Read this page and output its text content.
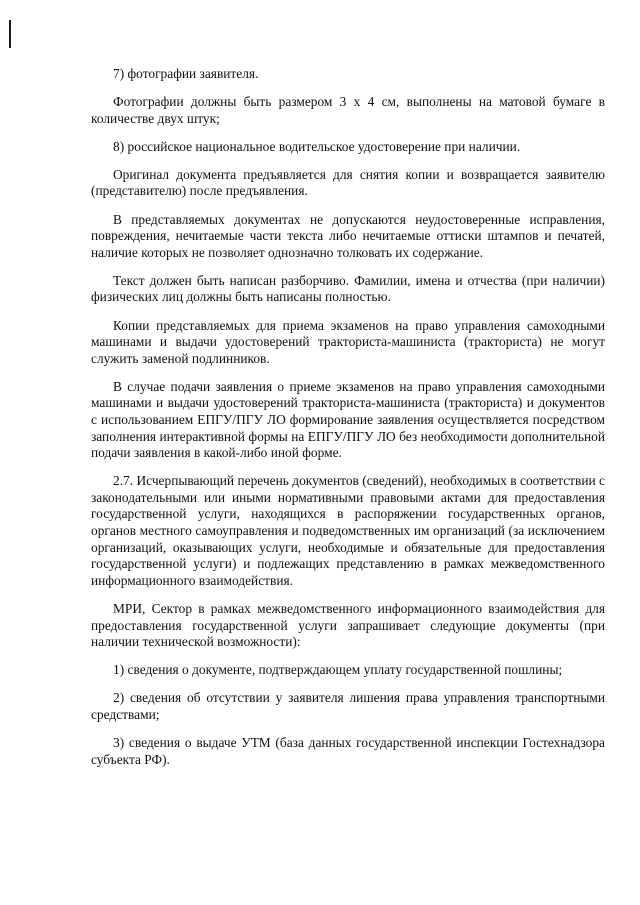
7) фотографии заявителя.

Фотографии должны быть размером 3 х 4 см, выполнены на матовой бумаге в количестве двух штук;

8) российское национальное водительское удостоверение при наличии.

Оригинал документа предъявляется для снятия копии и возвращается заявителю (представителю) после предъявления.

В представляемых документах не допускаются неудостоверенные исправления, повреждения, нечитаемые части текста либо нечитаемые оттиски штампов и печатей, наличие которых не позволяет однозначно толковать их содержание.

Текст должен быть написан разборчиво. Фамилии, имена и отчества (при наличии) физических лиц должны быть написаны полностью.

Копии представляемых для приема экзаменов на право управления самоходными машинами и выдачи удостоверений тракториста-машиниста (тракториста) не могут служить заменой подлинников.

В случае подачи заявления о приеме экзаменов на право управления самоходными машинами и выдачи удостоверений тракториста-машиниста (тракториста) и документов с использованием ЕПГУ/ПГУ ЛО формирование заявления осуществляется посредством заполнения интерактивной формы на ЕПГУ/ПГУ ЛО без необходимости дополнительной подачи заявления в какой-либо иной форме.

2.7. Исчерпывающий перечень документов (сведений), необходимых в соответствии с законодательными или иными нормативными правовыми актами для предоставления государственной услуги, находящихся в распоряжении государственных органов, органов местного самоуправления и подведомственных им организаций (за исключением организаций, оказывающих услуги, необходимые и обязательные для предоставления государственной услуги) и подлежащих представлению в рамках межведомственного информационного взаимодействия.

МРИ, Сектор в рамках межведомственного информационного взаимодействия для предоставления государственной услуги запрашивает следующие документы (при наличии технической возможности):

1) сведения о документе, подтверждающем уплату государственной пошлины;

2) сведения об отсутствии у заявителя лишения права управления транспортными средствами;

3) сведения о выдаче УТМ (база данных государственной инспекции Гостехнадзора субъекта РФ).
